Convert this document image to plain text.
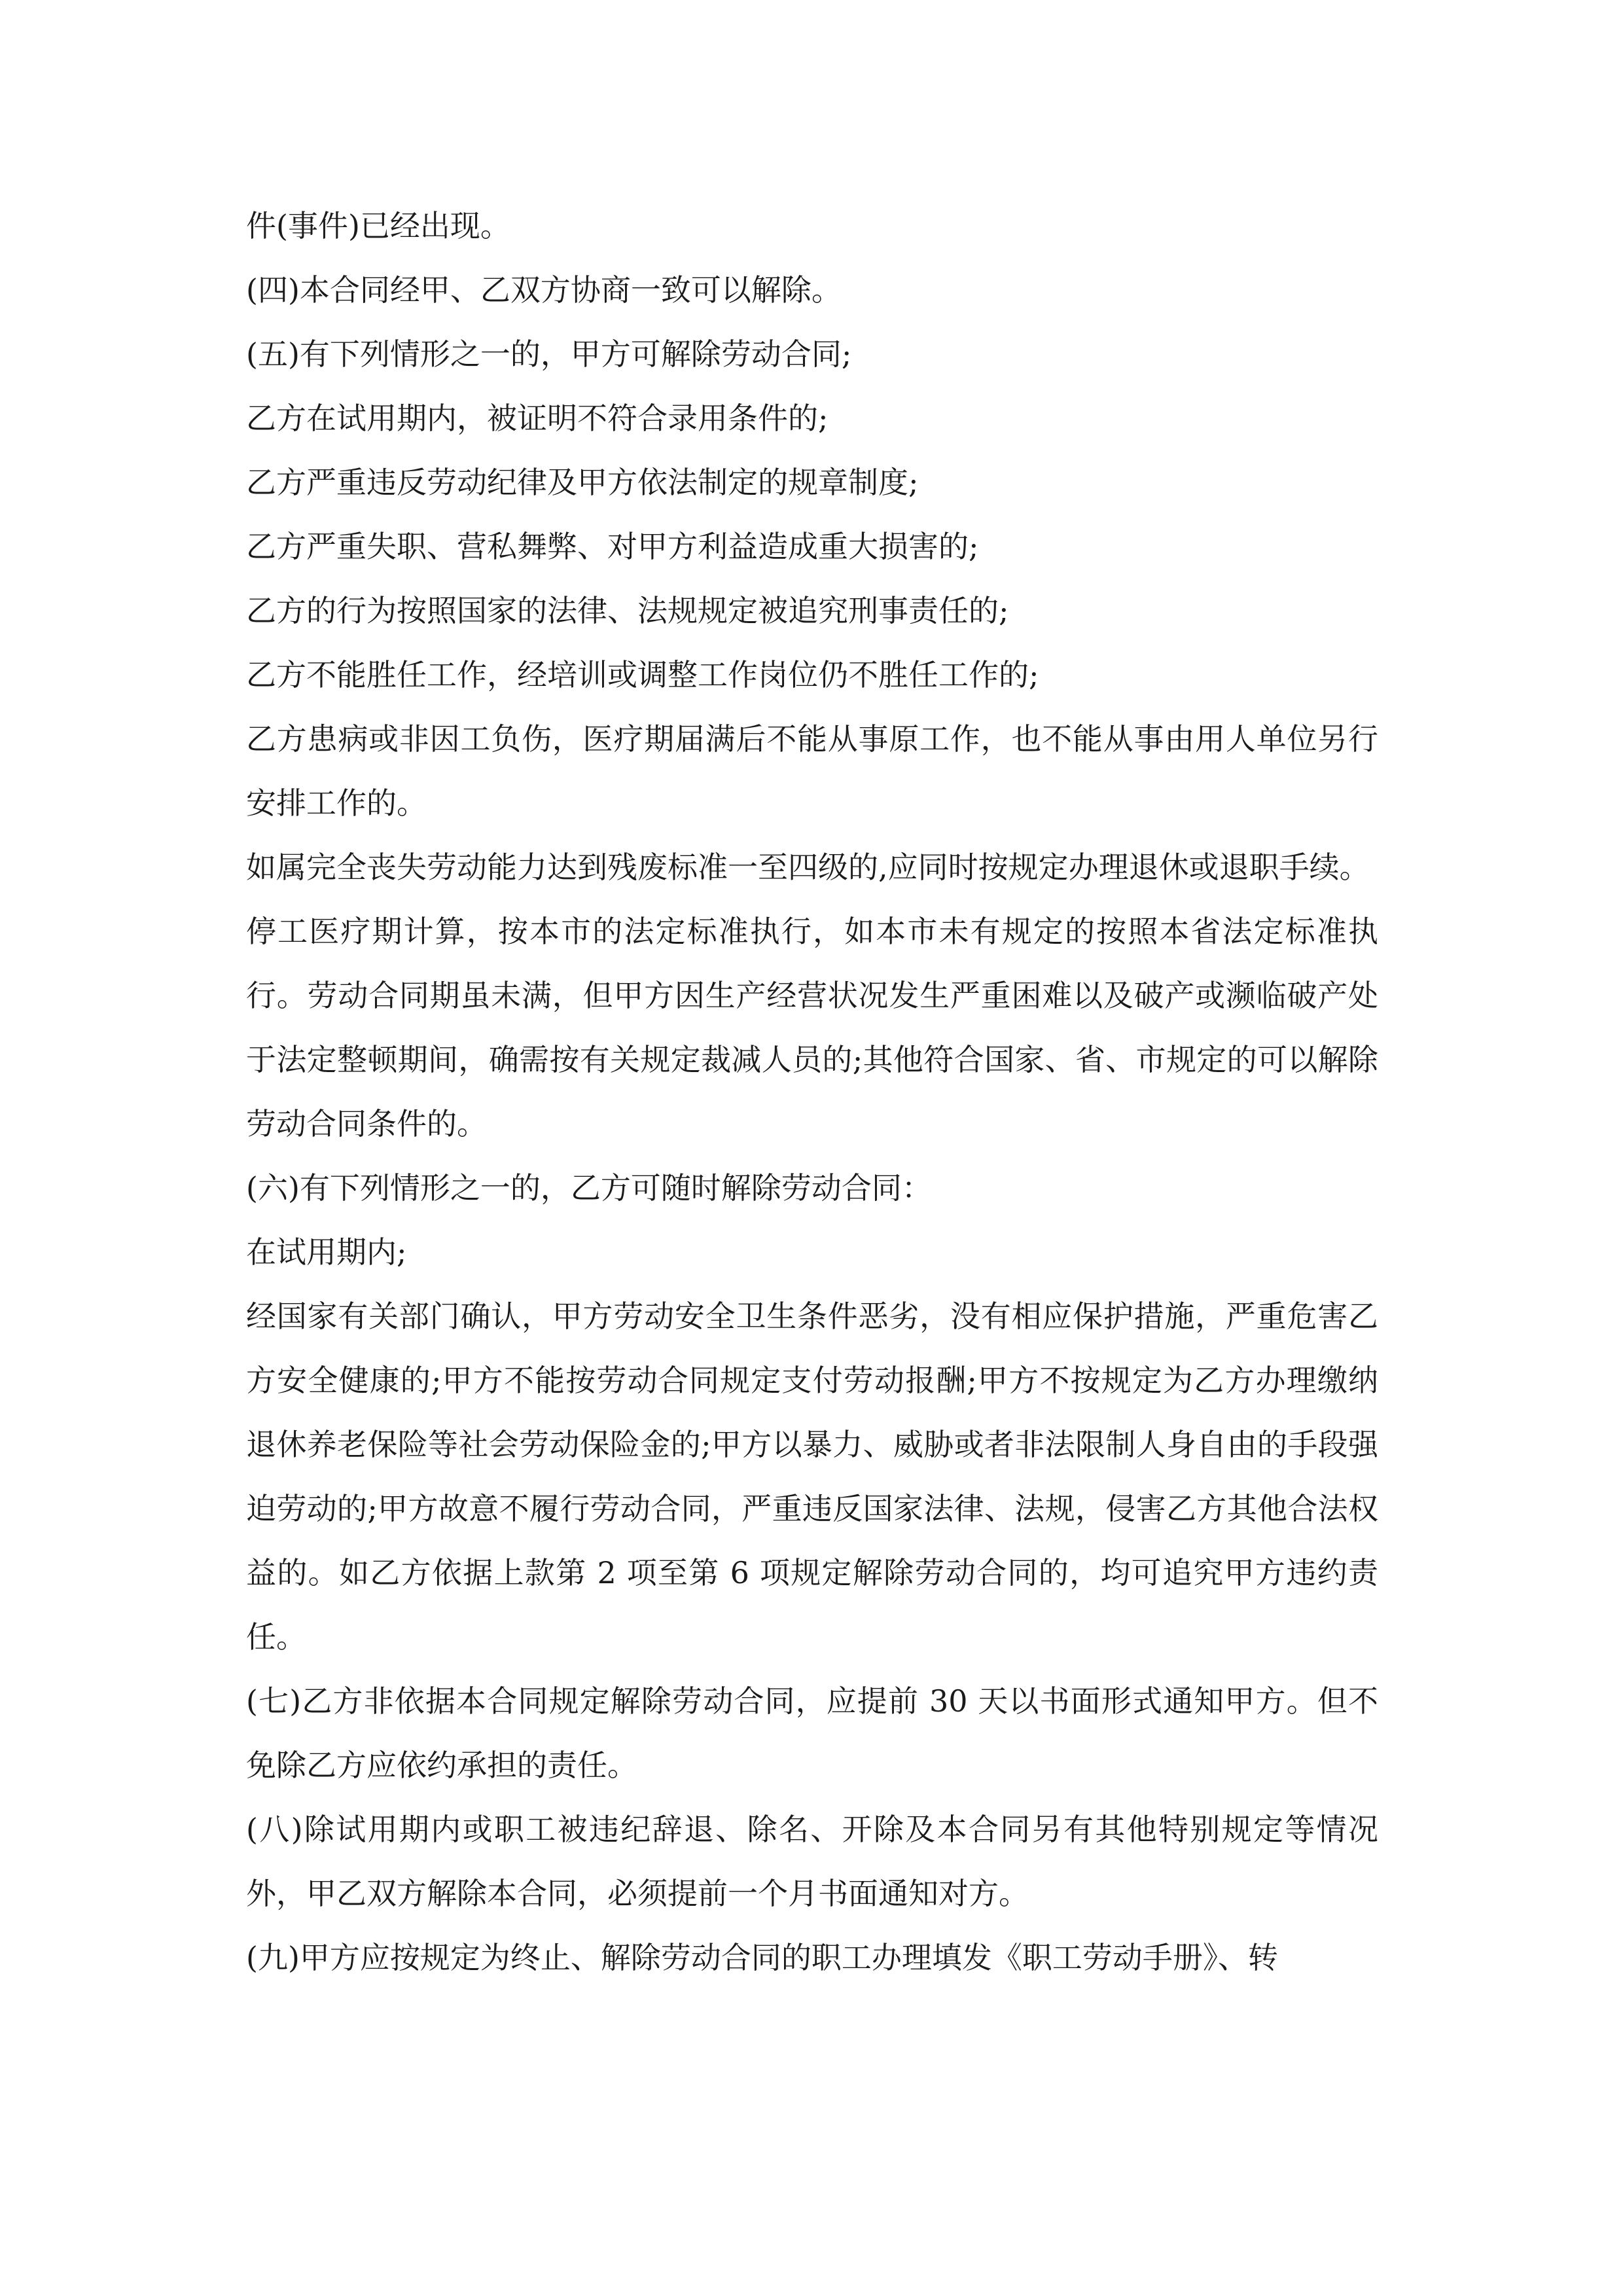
件(事件)已经出现。

(四)本合同经甲、乙双方协商一致可以解除。

(五)有下列情形之一的，甲方可解除劳动合同;

乙方在试用期内，被证明不符合录用条件的;

乙方严重违反劳动纪律及甲方依法制定的规章制度;

乙方严重失职、营私舞弊、对甲方利益造成重大损害的;

乙方的行为按照国家的法律、法规规定被追究刑事责任的;

乙方不能胜任工作，经培训或调整工作岗位仍不胜任工作的;

乙方患病或非因工负伤，医疗期届满后不能从事原工作，也不能从事由用人单位另行安排工作的。

如属完全丧失劳动能力达到残废标准一至四级的,应同时按规定办理退休或退职手续。

停工医疗期计算，按本市的法定标准执行，如本市未有规定的按照本省法定标准执行。劳动合同期虽未满，但甲方因生产经营状况发生严重困难以及破产或濒临破产处于法定整顿期间，确需按有关规定裁减人员的;其他符合国家、省、市规定的可以解除劳动合同条件的。

(六)有下列情形之一的，乙方可随时解除劳动合同：

在试用期内;

经国家有关部门确认，甲方劳动安全卫生条件恶劣，没有相应保护措施，严重危害乙方安全健康的;甲方不能按劳动合同规定支付劳动报酬;甲方不按规定为乙方办理缴纳退休养老保险等社会劳动保险金的;甲方以暴力、威胁或者非法限制人身自由的手段强迫劳动的;甲方故意不履行劳动合同，严重违反国家法律、法规，侵害乙方其他合法权益的。如乙方依据上款第 2 项至第 6 项规定解除劳动合同的，均可追究甲方违约责任。

(七)乙方非依据本合同规定解除劳动合同，应提前 30 天以书面形式通知甲方。但不免除乙方应依约承担的责任。

(八)除试用期内或职工被违纪辞退、除名、开除及本合同另有其他特别规定等情况外，甲乙双方解除本合同，必须提前一个月书面通知对方。

(九)甲方应按规定为终止、解除劳动合同的职工办理填发《职工劳动手册》、转
